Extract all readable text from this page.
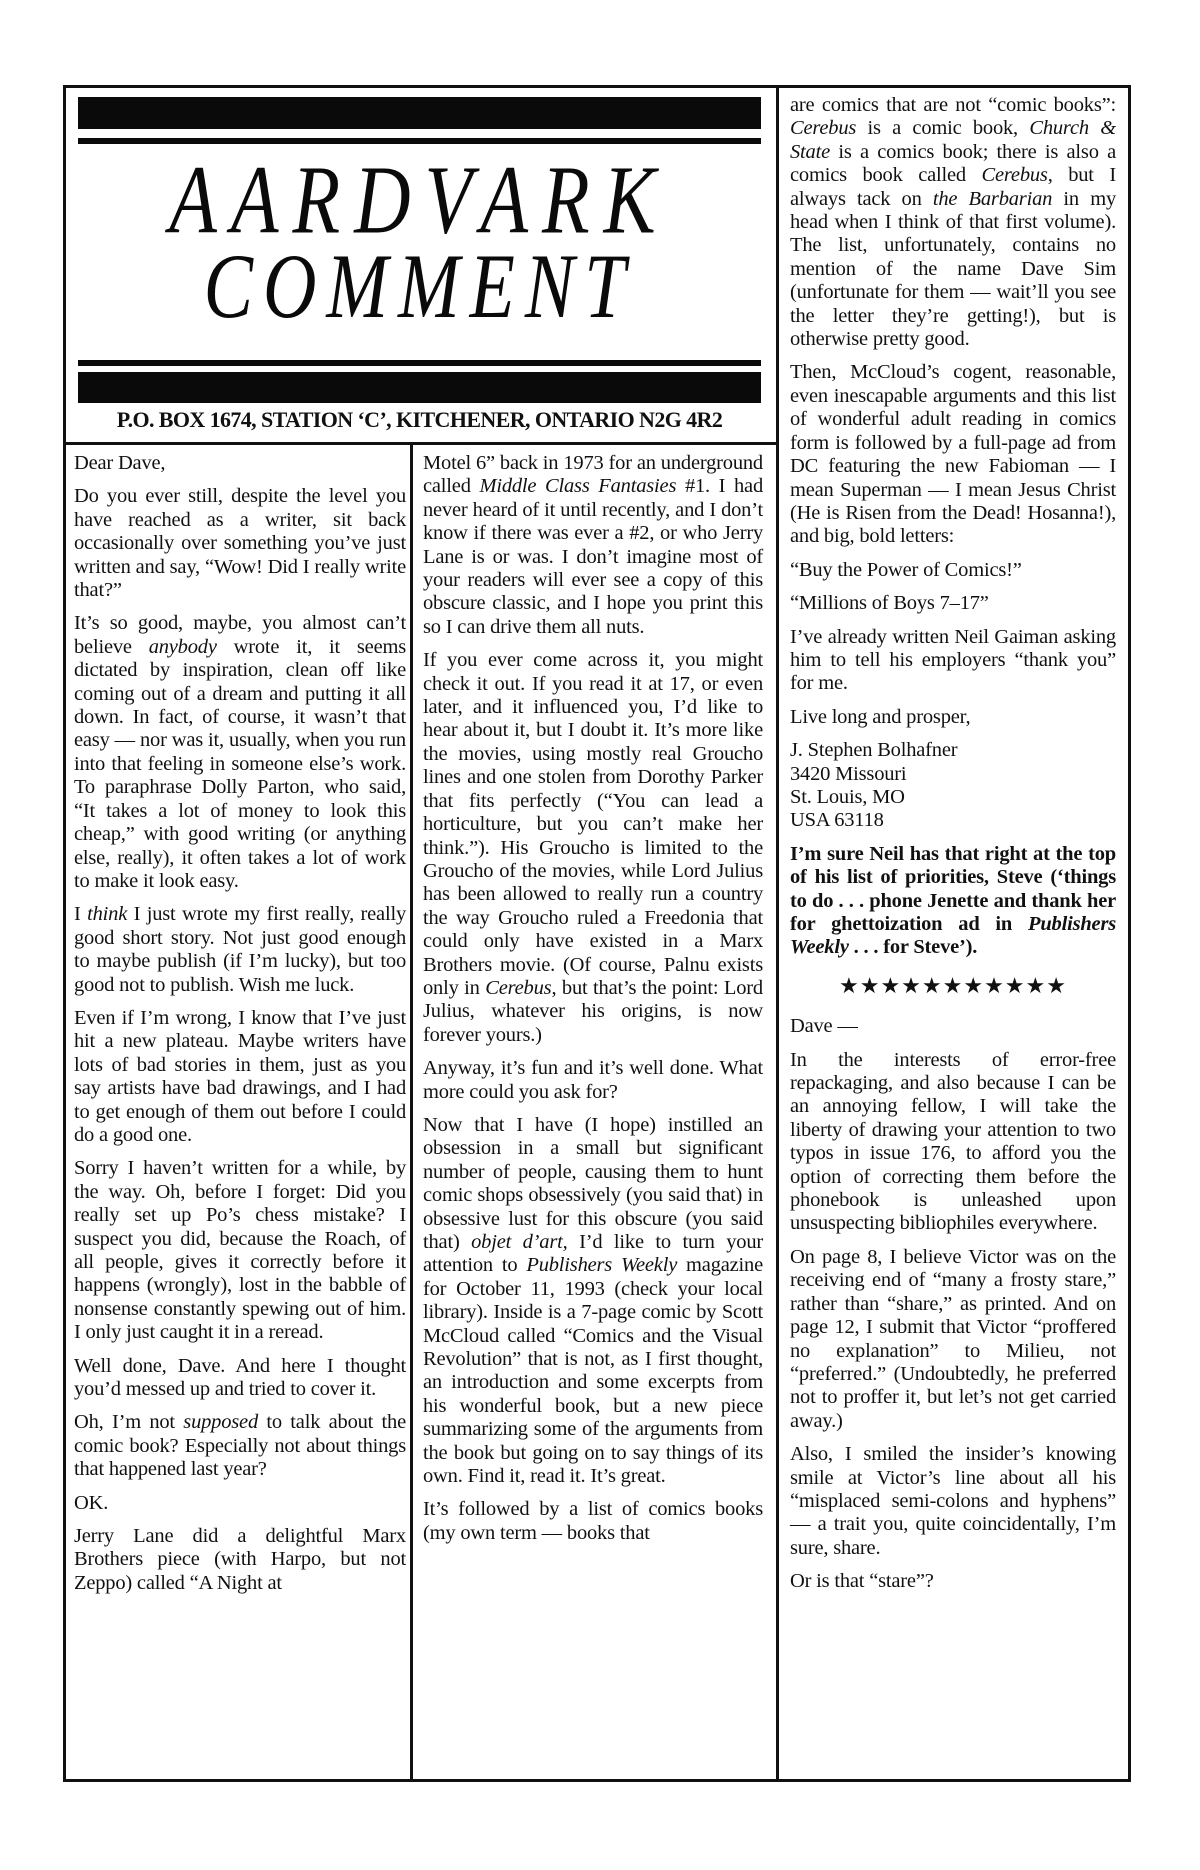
AARDVARK
COMMENT
P.O. BOX 1674, STATION ‘C’, KITCHENER, ONTARIO N2G 4R2

Dear Dave,

Do you ever still, despite the level you have reached as a writer, sit back occasionally over something you’ve just written and say, “Wow! Did I really write that?”

It’s so good, maybe, you almost can’t believe anybody wrote it, it seems dictated by inspiration, clean off like coming out of a dream and putting it all down. In fact, of course, it wasn’t that easy — nor was it, usually, when you run into that feeling in someone else’s work. To paraphrase Dolly Parton, who said, “It takes a lot of money to look this cheap,” with good writing (or anything else, really), it often takes a lot of work to make it look easy.

I think I just wrote my first really, really good short story. Not just good enough to maybe publish (if I’m lucky), but too good not to publish. Wish me luck.

Even if I’m wrong, I know that I’ve just hit a new plateau. Maybe writers have lots of bad stories in them, just as you say artists have bad drawings, and I had to get enough of them out before I could do a good one.

Sorry I haven’t written for a while, by the way. Oh, before I forget: Did you really set up Po’s chess mistake? I suspect you did, because the Roach, of all people, gives it correctly before it happens (wrongly), lost in the babble of nonsense constantly spewing out of him. I only just caught it in a reread.

Well done, Dave. And here I thought you’d messed up and tried to cover it.

Oh, I’m not supposed to talk about the comic book? Especially not about things that happened last year?

OK.

Jerry Lane did a delightful Marx Brothers piece (with Harpo, but not Zeppo) called “A Night at

Motel 6” back in 1973 for an underground called Middle Class Fantasies #1. I had never heard of it until recently, and I don’t know if there was ever a #2, or who Jerry Lane is or was. I don’t imagine most of your readers will ever see a copy of this obscure classic, and I hope you print this so I can drive them all nuts.

If you ever come across it, you might check it out. If you read it at 17, or even later, and it influenced you, I’d like to hear about it, but I doubt it. It’s more like the movies, using mostly real Groucho lines and one stolen from Dorothy Parker that fits perfectly (“You can lead a horticulture, but you can’t make her think.”). His Groucho is limited to the Groucho of the movies, while Lord Julius has been allowed to really run a country the way Groucho ruled a Freedonia that could only have existed in a Marx Brothers movie. (Of course, Palnu exists only in Cerebus, but that’s the point: Lord Julius, whatever his origins, is now forever yours.)

Anyway, it’s fun and it’s well done. What more could you ask for?

Now that I have (I hope) instilled an obsession in a small but significant number of people, causing them to hunt comic shops obsessively (you said that) in obsessive lust for this obscure (you said that) objet d’art, I’d like to turn your attention to Publishers Weekly magazine for October 11, 1993 (check your local library). Inside is a 7-page comic by Scott McCloud called “Comics and the Visual Revolution” that is not, as I first thought, an introduction and some excerpts from his wonderful book, but a new piece summarizing some of the arguments from the book but going on to say things of its own. Find it, read it. It’s great.

It’s followed by a list of comics books (my own term — books that

are comics that are not “comic books”: Cerebus is a comic book, Church & State is a comics book; there is also a comics book called Cerebus, but I always tack on the Barbarian in my head when I think of that first volume). The list, unfortunately, contains no mention of the name Dave Sim (unfortunate for them — wait’ll you see the letter they’re getting!), but is otherwise pretty good.

Then, McCloud’s cogent, reasonable, even inescapable arguments and this list of wonderful adult reading in comics form is followed by a full-page ad from DC featuring the new Fabioman — I mean Superman — I mean Jesus Christ (He is Risen from the Dead! Hosanna!), and big, bold letters:

“Buy the Power of Comics!”

“Millions of Boys 7–17”

I’ve already written Neil Gaiman asking him to tell his employers “thank you” for me.

Live long and prosper,

J. Stephen Bolhafner
3420 Missouri
St. Louis, MO
USA 63118

I’m sure Neil has that right at the top of his list of priorities, Steve (‘things to do . . . phone Jenette and thank her for ghettoization ad in Publishers Weekly . . . for Steve’).

★★★★★★★★★★★

Dave —

In the interests of error-free repackaging, and also because I can be an annoying fellow, I will take the liberty of drawing your attention to two typos in issue 176, to afford you the option of correcting them before the phonebook is unleashed upon unsuspecting bibliophiles everywhere.

On page 8, I believe Victor was on the receiving end of “many a frosty stare,” rather than “share,” as printed. And on page 12, I submit that Victor “proffered no explanation” to Milieu, not “preferred.” (Undoubtedly, he preferred not to proffer it, but let’s not get carried away.)

Also, I smiled the insider’s knowing smile at Victor’s line about all his “misplaced semi-colons and hyphens” — a trait you, quite coincidentally, I’m sure, share.

Or is that “stare”?
